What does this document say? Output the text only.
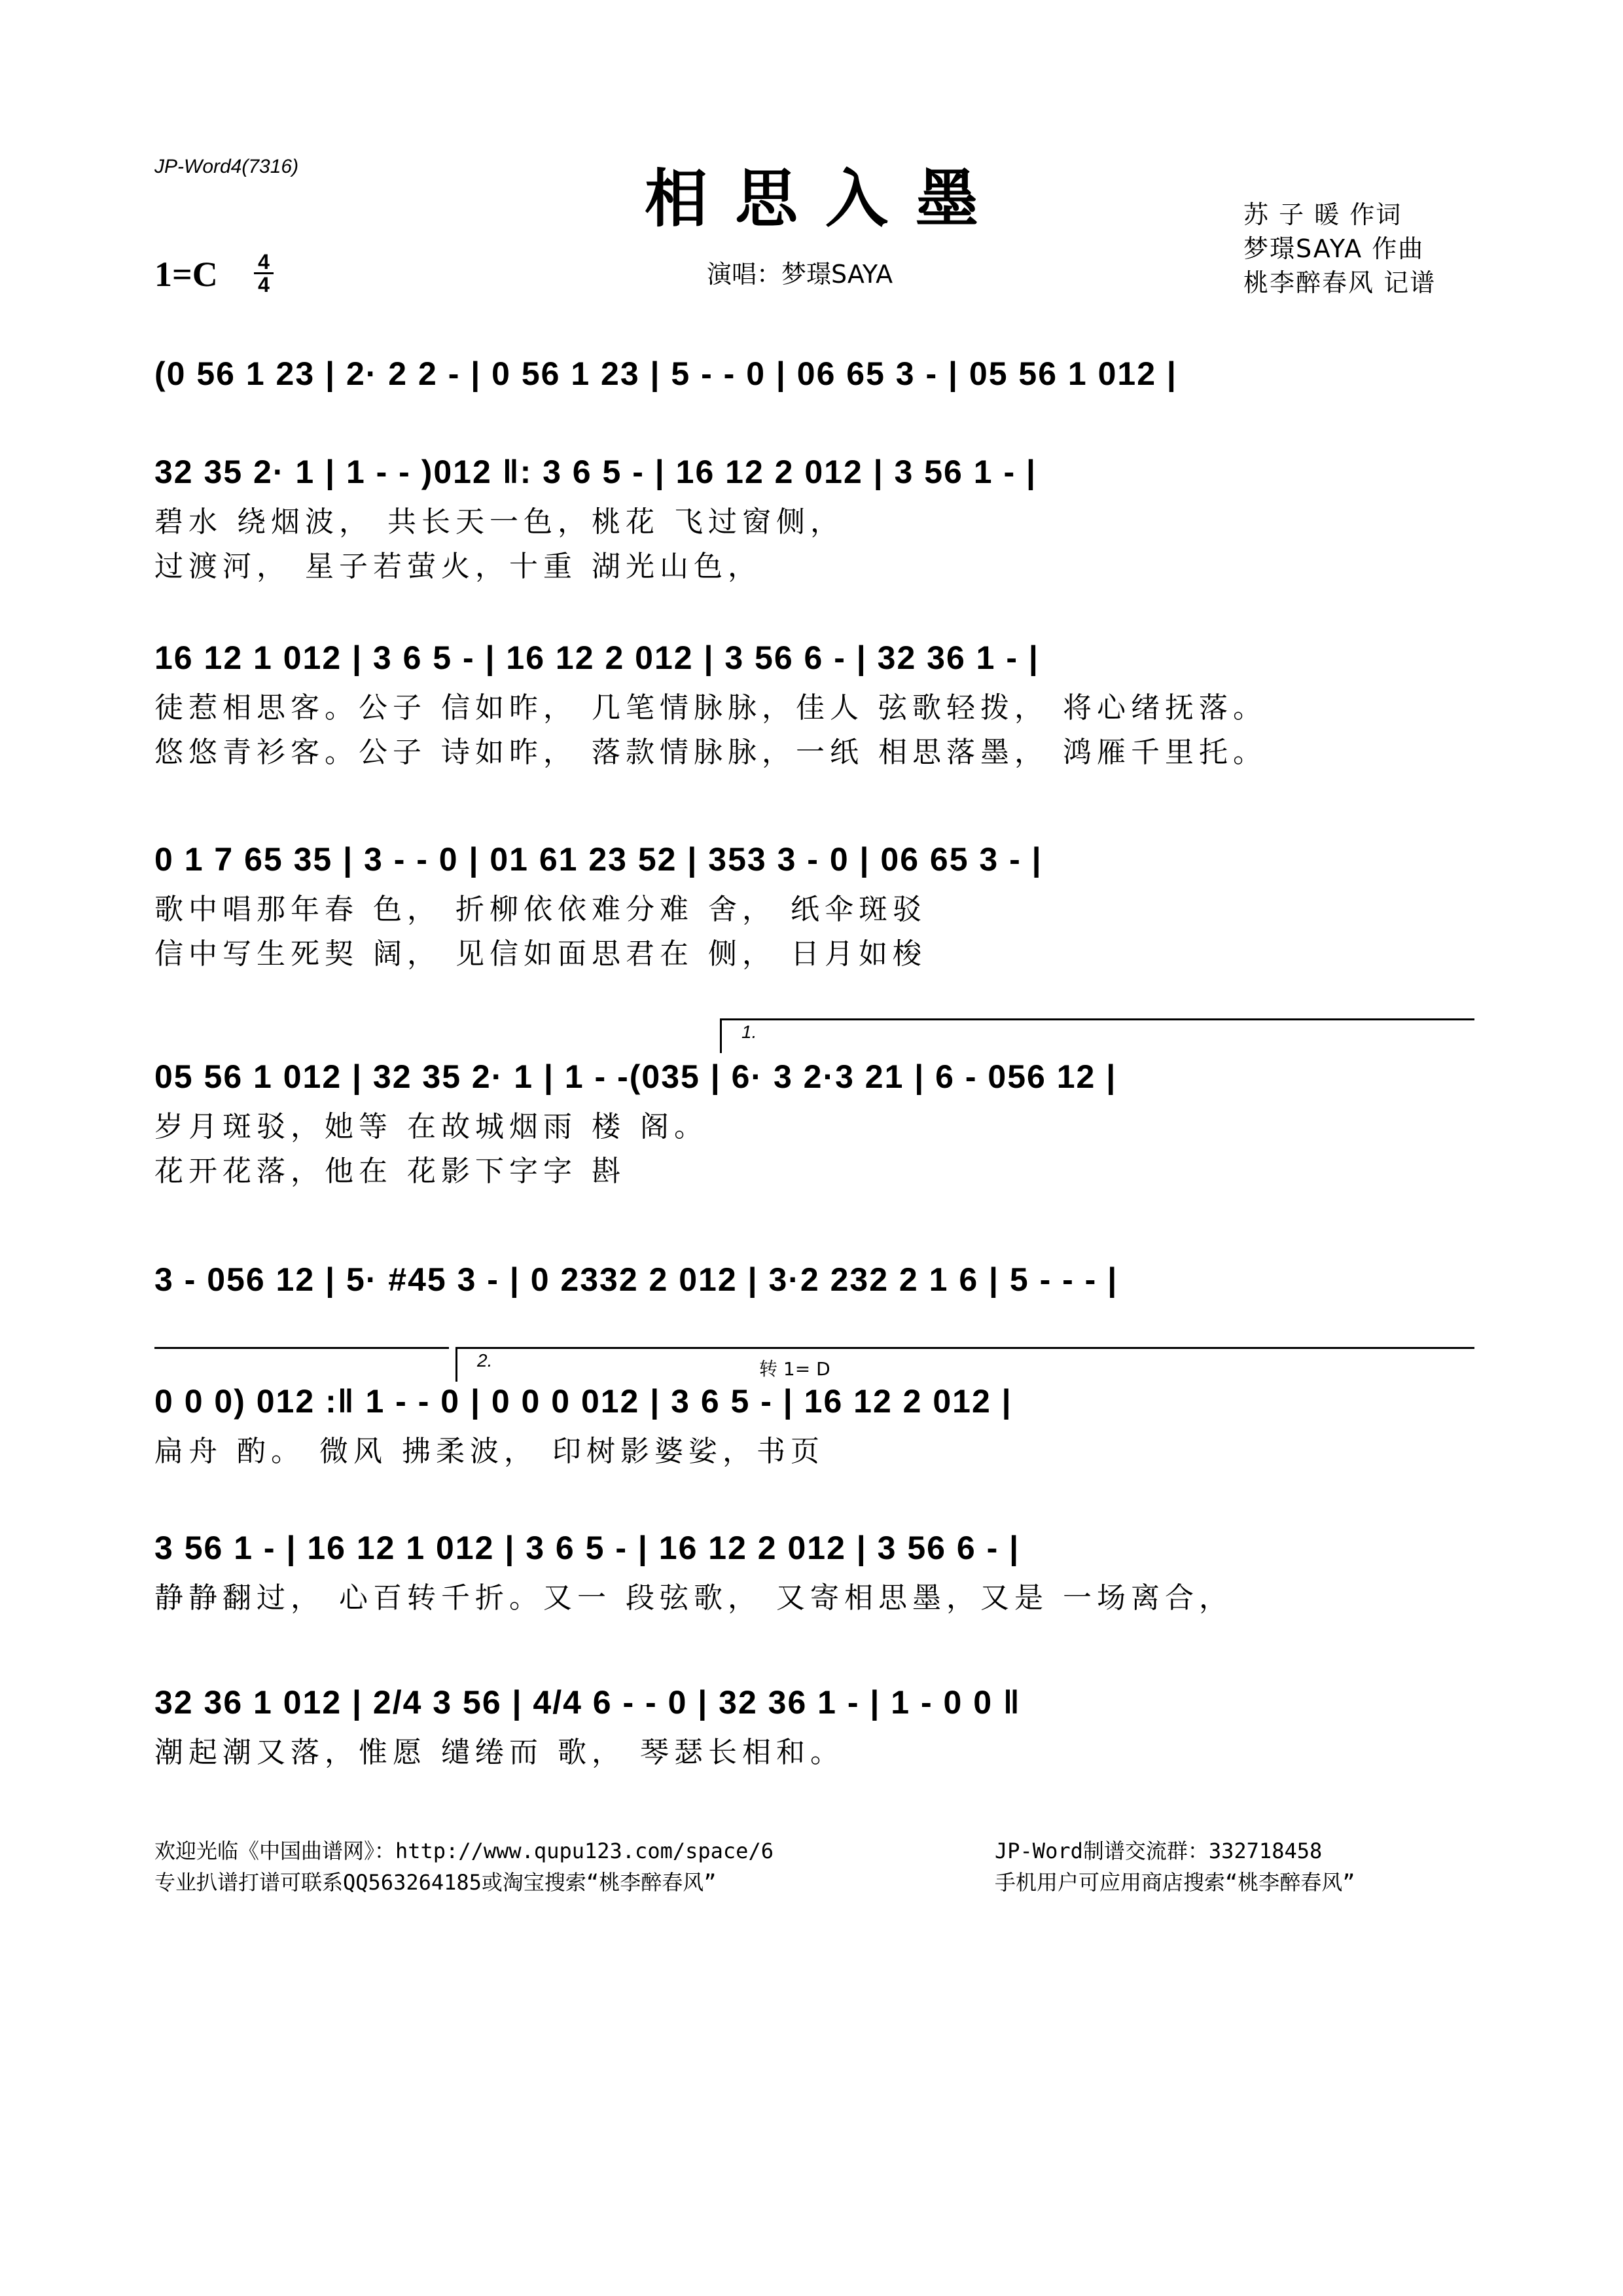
JP-Word4(7316)	相思入墨
演唱：梦璟SAYA
苏 子 暖 作词
梦璟SAYA 作曲
桃李醉春风 记谱
1=C 4
4
(0 56 1 23 | 2· 2 2 - | 0 56 1 23 | 5 - - 0 | 06 65 3 - | 05 56 1 012 |
32 35 2· 1 | 1 - - )012 ‖: 3 6 5 - | 16 12 2 012 | 3 56 1 - |
碧水 绕烟波， 共长天一色，桃花 飞过窗侧，
过渡河， 星子若萤火，十重 湖光山色，
16 12 1 012 | 3 6 5 - | 16 12 2 012 | 3 56 6 - | 32 36 1 - |
徒惹相思客。公子 信如昨， 几笔情脉脉，佳人 弦歌轻拨， 将心绪抚落。
悠悠青衫客。公子 诗如昨， 落款情脉脉，一纸 相思落墨， 鸿雁千里托。
0 1 7 65 35 | 3 - - 0 | 01 61 23 52 | 353 3 - 0 | 06 65 3 - |
歌中唱那年春 色， 折柳依依难分难 舍， 纸伞斑驳
信中写生死契 阔， 见信如面思君在 侧， 日月如梭
1.
05 56 1 012 | 32 35 2· 1 | 1 - -(035 | 6· 3 2·3 21 | 6 - 056 12 |
岁月斑驳，她等 在故城烟雨 楼 阁。
花开花落，他在 花影下字字 斟
3 - 056 12 | 5· #45 3 - | 0 2332 2 012 | 3·2 232 2 1 6 | 5 - - - |
2.	转 1= D
0 0 0) 012 :‖ 1 - - 0 | 0 0 0 012 | 3 6 5 - | 16 12 2 012 |
扁舟 酌。 微风 拂柔波， 印树影婆娑，书页
3 56 1 - | 16 12 1 012 | 3 6 5 - | 16 12 2 012 | 3 56 6 - |
静静翻过， 心百转千折。又一 段弦歌， 又寄相思墨，又是 一场离合，
32 36 1 012 | 2/4 3 56 | 4/4 6 - - 0 | 32 36 1 - | 1 - 0 0 ‖
潮起潮又落，惟愿 缱绻而 歌， 琴瑟长相和。
欢迎光临《中国曲谱网》：http://www.qupu123.com/space/6
专业扒谱打谱可联系QQ563264185或淘宝搜索“桃李醉春风”
JP-Word制谱交流群：332718458
手机用户可应用商店搜索“桃李醉春风”
